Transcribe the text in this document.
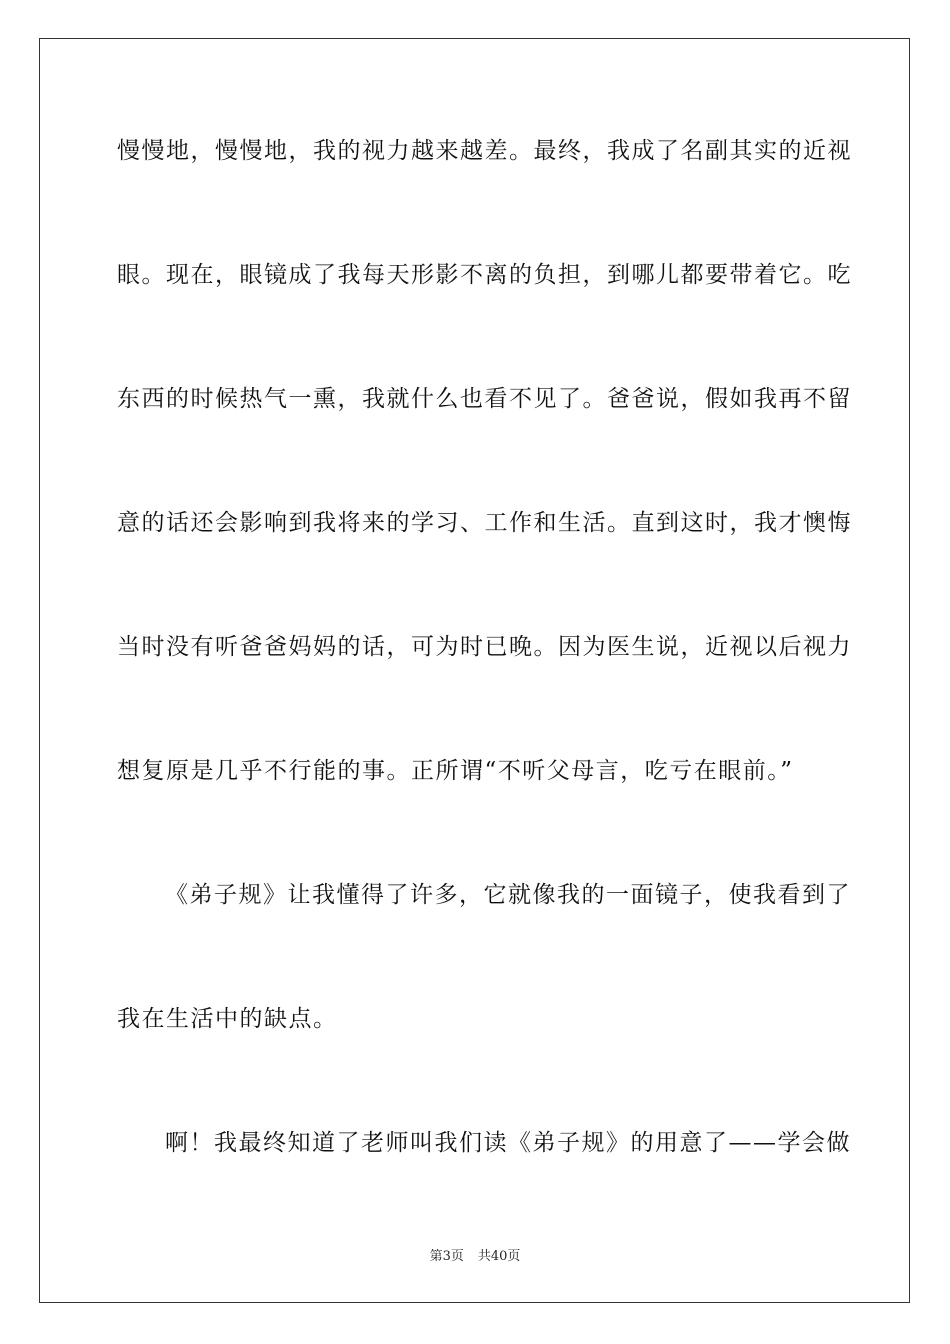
慢慢地，慢慢地，我的视力越来越差。最终，我成了名副其实的近视
眼。现在，眼镜成了我每天形影不离的负担，到哪儿都要带着它。吃
东西的时候热气一熏，我就什么也看不见了。爸爸说，假如我再不留
意的话还会影响到我将来的学习、工作和生活。直到这时，我才懊悔
当时没有听爸爸妈妈的话，可为时已晚。因为医生说，近视以后视力
想复原是几乎不行能的事。正所谓“不听父母言，吃亏在眼前。”
《弟子规》让我懂得了许多，它就像我的一面镜子，使我看到了
我在生活中的缺点。
啊！我最终知道了老师叫我们读《弟子规》的用意了——学会做
第3页 共40页
